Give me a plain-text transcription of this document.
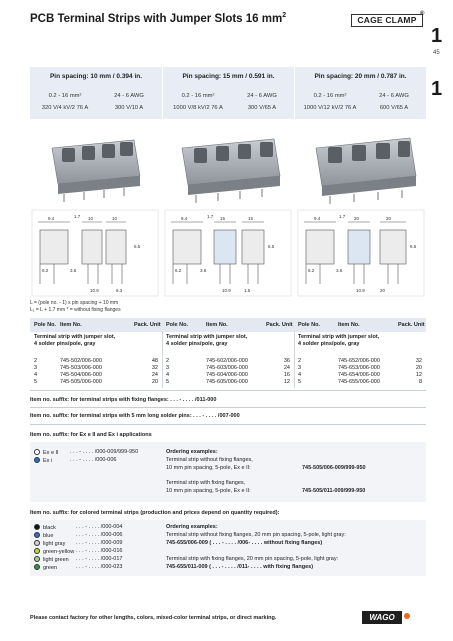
PCB Terminal Strips with Jumper Slots 16 $mm^2$	CAGE CLAMP
®
1
45
1
Pin spacing: 10 mm / 0.394 in.
0.2 - 16 mm²	24 - 6 AWG
320 V/4 kV/2 76 A	300 V/10 A
Pin spacing: 15 mm / 0.591 in.
0.2 - 16 mm²	24 - 6 AWG
1000 V/8 kV/2 76 A	300 V/65 A
Pin spacing: 20 mm / 0.787 in.
0.2 - 16 mm²	24 - 6 AWG
1000 V/12 kV/2 76 A	600 V/65 A
9.4	10	10
1.7
6.2	3.6
10.9	9.3
6.5
9.4	15	15
1.7
6.2	3.6
10.9	1.5
6.5
9.4	20	20
1.7
6.2	3.6
10.9	20
6.5
L = (pole no. - 1) x pin spacing + 10 mm
L₁ = L + 1.7 mm * = without fixing flanges
Pole No. Item No.	Pack. Unit Pole No.	Item No.	Pack. Unit Pole No.	Item No.	Pack. Unit
Terminal strip with jumper slot,
4 solder pins/pole, gray
Terminal strip with jumper slot,
4 solder pins/pole, gray
Terminal strip with jumper slot,
4 solder pins/pole, gray
2	745-502/006-000	48
3	745-503/006-000	32
4	745-504/006-000	24
5	745-505/006-000	20
2	745-602/006-000	36
3	745-603/006-000	24
4	745-604/006-000	16
5	745-605/006-000	12
2	745-652/006-000	32
3	745-653/006-000	20
4	745-654/006-000	12
5	745-655/006-000	8
Item no. suffix: for terminal strips with fixing flanges: . . . - . . . . /011-000
Item no. suffix: for terminal strips with 5 mm long solder pins: . . . - . . . . /007-000
Item no. suffix: for Ex e II and Ex i applications
Ex e II . . . - . . . . /000-009/999-950
Ex i	. . . - . . . . /000-006
Ordering examples:
Terminal strip without fixing flanges,
10 mm pin spacing, 5-pole, Ex e II:	745-505/006-009/999-950
Terminal strip with fixing flanges,
10 mm pin spacing, 5-pole, Ex e II:	745-505/011-009/999-950
Item no. suffix: for colored terminal strips (production and prices depend on quantity required):
black	. . . - . . . . /000-004
blue	. . . - . . . . /000-006
light gray . . . - . . . . /000-009
green-yellow . . . - . . . . /000-016
light green . . . - . . . . /000-017
green	. . . - . . . . /000-023
Ordering examples:
Terminal strip without fixing flanges, 20 mm pin spacing, 5-pole, light gray:
745-655/006-009 ( . . . - . . . . /006- . . . . without fixing flanges)
Terminal strip with fixing flanges, 20 mm pin spacing, 5-pole, light gray:
745-655/011-009 ( . . . - . . . . /011- . . . . with fixing flanges)
Please contact factory for other lengths, colors, mixed-color terminal strips, or direct marking.	WAGO
